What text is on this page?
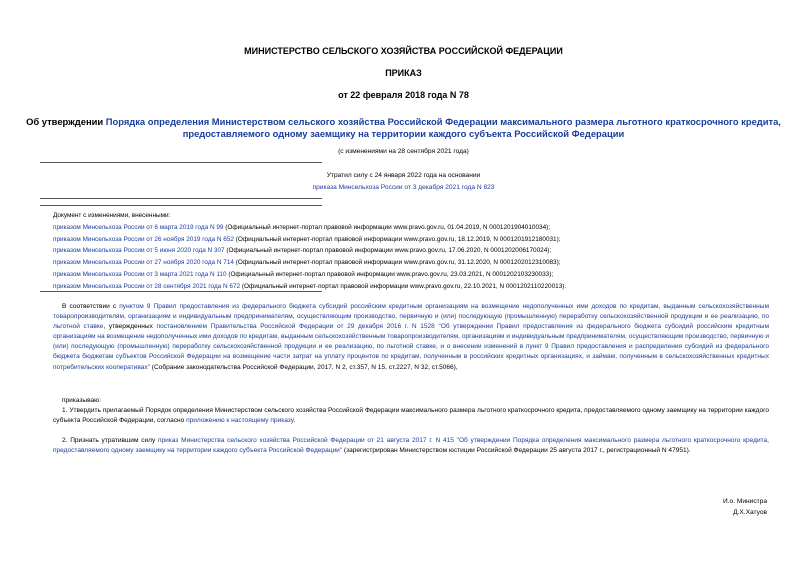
МИНИСТЕРСТВО СЕЛЬСКОГО ХОЗЯЙСТВА РОССИЙСКОЙ ФЕДЕРАЦИИ
ПРИКАЗ
от 22 февраля 2018 года N 78
Об утверждении Порядка определения Министерством сельского хозяйства Российской Федерации максимального размера льготного краткосрочного кредита,
предоставляемого одному заемщику на территории каждого субъекта Российской Федерации
(с изменениями на 28 сентября 2021 года)
Утратил силу с 24 января 2022 года на основании
приказа Минсельхоза России от 3 декабря 2021 года N 823
Документ с изменениями, внесенными:
приказом Минсельхоза России от 6 марта 2019 года N 99 (Официальный интернет-портал правовой информации www.pravo.gov.ru, 01.04.2019, N 0001201904010034);
приказом Минсельхоза России от 26 ноября 2019 года N 652 (Официальный интернет-портал правовой информации www.pravo.gov.ru, 18.12.2019, N 0001201912180031);
приказом Минсельхоза России от 5 июня 2020 года N 307 (Официальный интернет-портал правовой информации www.pravo.gov.ru, 17.06.2020, N 0001202006170024);
приказом Минсельхоза России от 27 ноября 2020 года N 714 (Официальный интернет-портал правовой информации www.pravo.gov.ru, 31.12.2020, N 0001202012310083);
приказом Минсельхоза России от 3 марта 2021 года N 110 (Официальный интернет-портал правовой информации www.pravo.gov.ru, 23.03.2021, N 0001202103230033);
приказом Минсельхоза России от 28 сентября 2021 года N 672 (Официальный интернет-портал правовой информации www.pravo.gov.ru, 22.10.2021, N 0001202110220013).
В соответствии с пунктом 9 Правил предоставления из федерального бюджета субсидий российским кредитным организациям на возмещение недополученных ими доходов по кредитам, выданным сельскохозяйственным товаропроизводителям, организациям и индивидуальным предпринимателям, осуществляющим производство, первичную и (или) последующую (промышленную) переработку сельскохозяйственной продукции и ее реализацию, по льготной ставке, утвержденных постановлением Правительства Российской Федерации от 29 декабря 2016 г. N 1528 "Об утверждении Правил предоставления из федерального бюджета субсидий российским кредитным организациям на возмещение недополученных ими доходов по кредитам, выданным сельскохозяйственным товаропроизводителям, организациям и индивидуальным предпринимателям, осуществляющим производство, первичную и (или) последующую (промышленную) переработку сельскохозяйственной продукции и ее реализацию, по льготной ставке, и о внесении изменений в пункт 9 Правил предоставления и распределения субсидий из федерального бюджета бюджетам субъектов Российской Федерации на возмещение части затрат на уплату процентов по кредитам, полученным в российских кредитных организациях, и займам, полученным в сельскохозяйственных кредитных потребительских кооперативах" (Собрание законодательства Российской Федерации, 2017, N 2, ст.357, N 15, ст.2227, N 32, ст.5066),
приказываю:
1. Утвердить прилагаемый Порядок определения Министерством сельского хозяйства Российской Федерации максимального размера льготного краткосрочного кредита, предоставляемого одному заемщику на территории каждого субъекта Российской Федерации, согласно приложению к настоящему приказу.
2. Признать утратившим силу приказ Министерства сельского хозяйства Российской Федерации от 21 августа 2017 г. N 415 "Об утверждении Порядка определения максимального размера льготного краткосрочного кредита, предоставляемого одному заемщику на территории каждого субъекта Российской Федерации" (зарегистрирован Министерством юстиции Российской Федерации 25 августа 2017 г., регистрационный N 47951).
И.о. Министра
Д.Х.Хатуов
